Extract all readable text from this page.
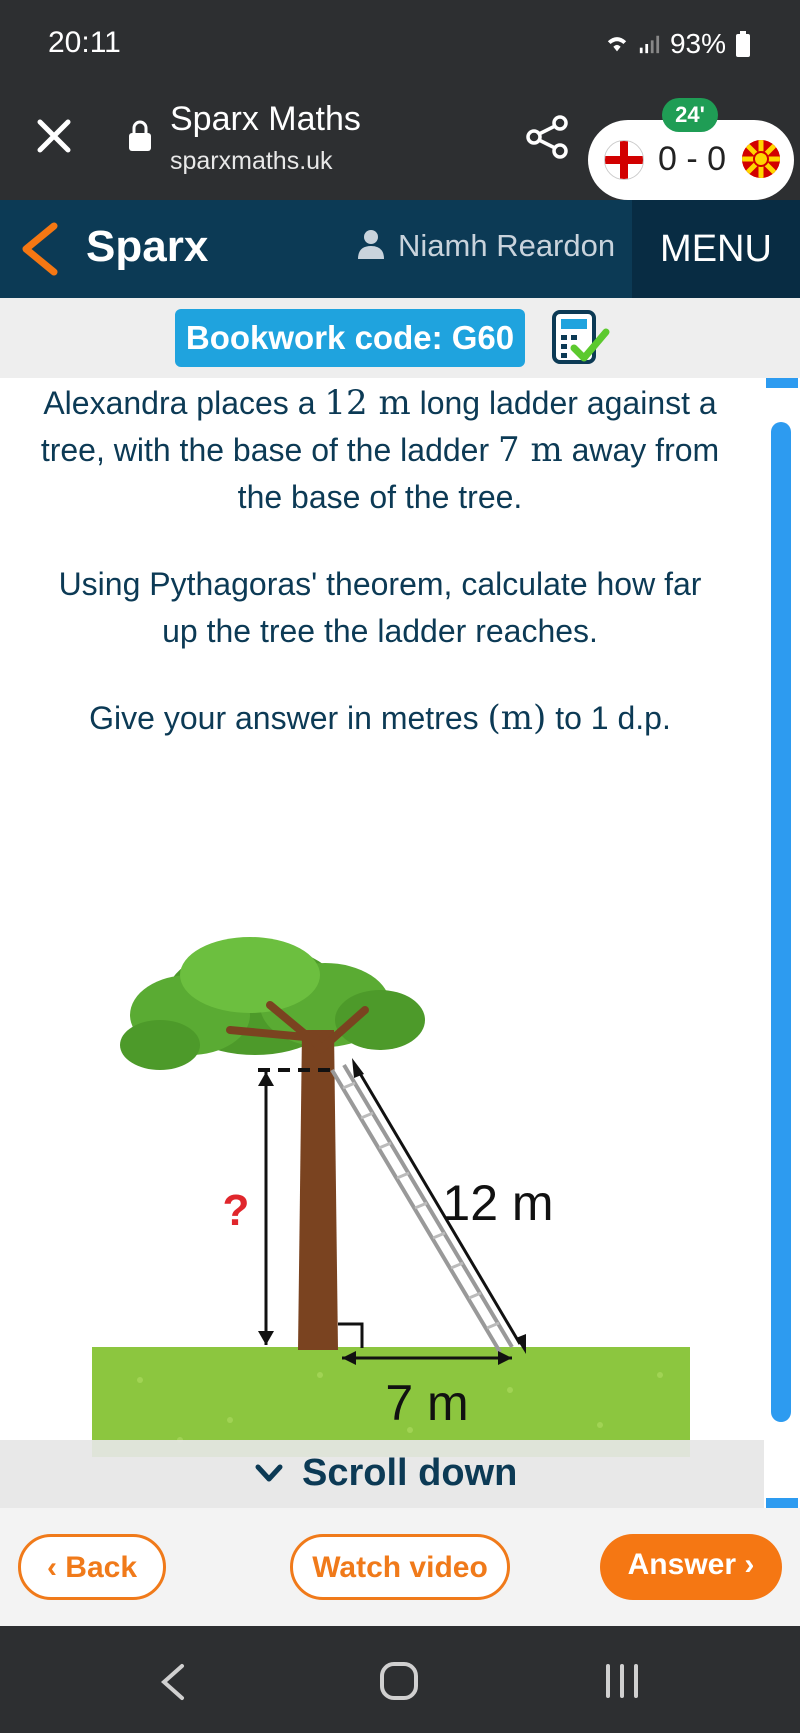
20:11	93%
Sparx Maths
sparxmaths.uk	0 - 0
24'
Sparx	Niamh Reardon	MENU
Bookwork code: G60

Alexandra places a 12 m long ladder against a tree, with the base of the ladder 7 m away from the base of the tree.

Using Pythagoras' theorem, calculate how far up the tree the ladder reaches.

Give your answer in metres (m) to 1 d.p.

?	12 m
7 m
Scroll down
‹ Back	Watch video	Answer ›
